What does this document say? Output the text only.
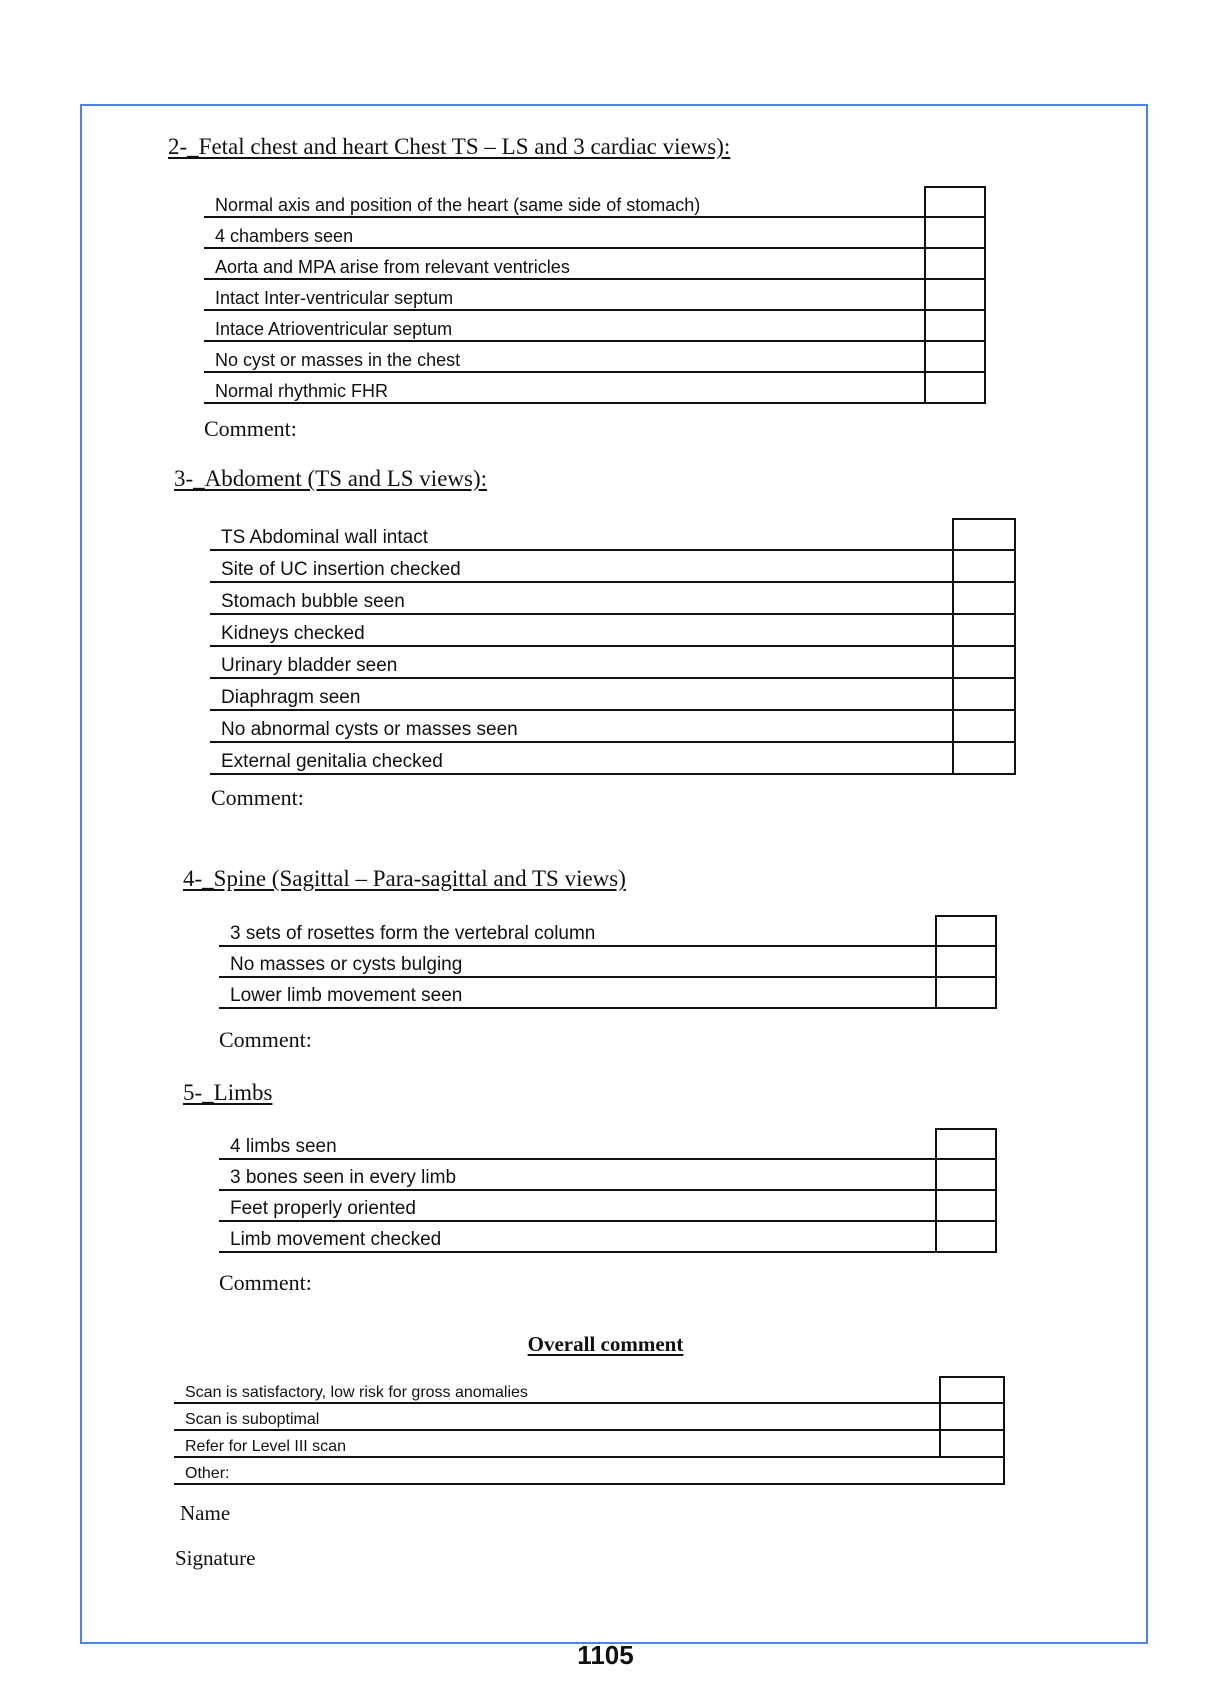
2-_Fetal chest and heart Chest TS – LS and 3 cardiac views):
Normal axis and position of the heart (same side of stomach)	
4 chambers seen	
Aorta and MPA arise from relevant ventricles	
Intact Inter-ventricular septum	
Intace Atrioventricular septum	
No cyst or masses in the chest	
Normal rhythmic FHR	
Comment:
3-_Abdoment (TS and LS views):
TS Abdominal wall intact	
Site of UC insertion checked	
Stomach bubble seen	
Kidneys checked	
Urinary bladder seen	
Diaphragm seen	
No abnormal cysts or masses seen	
External genitalia checked	
Comment:
4-_Spine (Sagittal – Para-sagittal and TS views)
3 sets of rosettes form the vertebral column	
No masses or cysts bulging	
Lower limb movement seen	
Comment:
5-_Limbs
4 limbs seen	
3 bones seen in every limb	
Feet properly oriented	
Limb movement checked	
Comment:
Overall comment
Scan is satisfactory, low risk for gross anomalies	
Scan is suboptimal	
Refer for Level III scan	
Other:	
Name
Signature
1105
